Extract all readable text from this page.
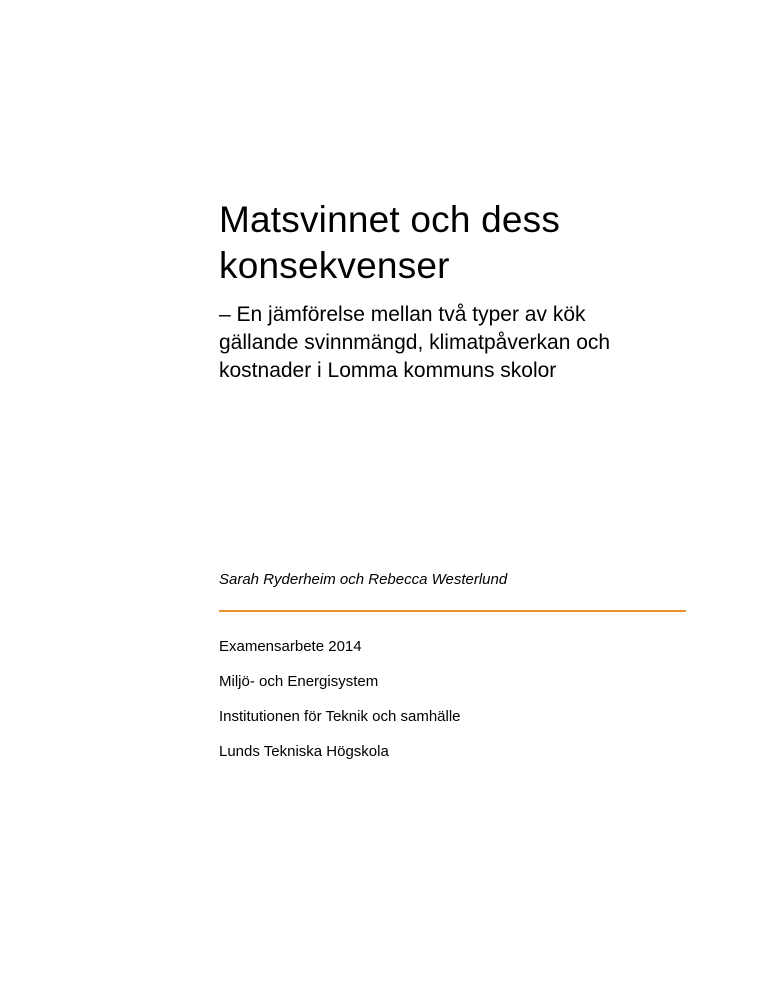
Matsvinnet och dess
konsekvenser
– En jämförelse mellan två typer av kök
gällande svinnmängd, klimatpåverkan och
kostnader i Lomma kommuns skolor
Sarah Ryderheim och Rebecca Westerlund
Examensarbete 2014
Miljö- och Energisystem
Institutionen för Teknik och samhälle
Lunds Tekniska Högskola
